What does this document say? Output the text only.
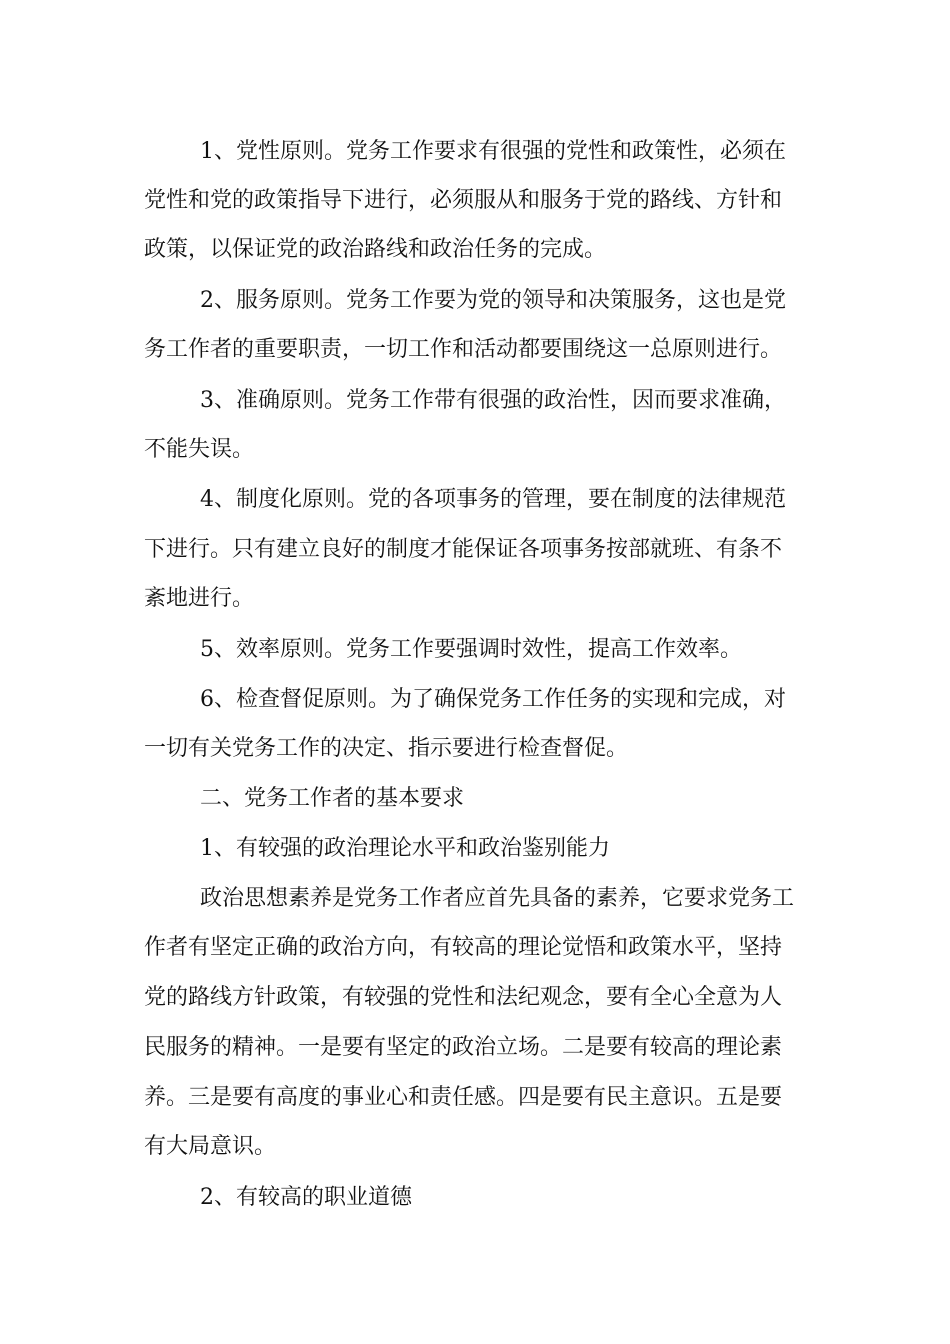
1、党性原则。党务工作要求有很强的党性和政策性，必须在
党性和党的政策指导下进行，必须服从和服务于党的路线、方针和
政策，以保证党的政治路线和政治任务的完成。
2、服务原则。党务工作要为党的领导和决策服务，这也是党
务工作者的重要职责，一切工作和活动都要围绕这一总原则进行。
3、准确原则。党务工作带有很强的政治性，因而要求准确，
不能失误。
4、制度化原则。党的各项事务的管理，要在制度的法律规范
下进行。只有建立良好的制度才能保证各项事务按部就班、有条不
紊地进行。
5、效率原则。党务工作要强调时效性，提高工作效率。
6、检查督促原则。为了确保党务工作任务的实现和完成，对
一切有关党务工作的决定、指示要进行检查督促。
二、党务工作者的基本要求
1、有较强的政治理论水平和政治鉴别能力
政治思想素养是党务工作者应首先具备的素养，它要求党务工
作者有坚定正确的政治方向，有较高的理论觉悟和政策水平，坚持
党的路线方针政策，有较强的党性和法纪观念，要有全心全意为人
民服务的精神。一是要有坚定的政治立场。二是要有较高的理论素
养。三是要有高度的事业心和责任感。四是要有民主意识。五是要
有大局意识。
2、有较高的职业道德
